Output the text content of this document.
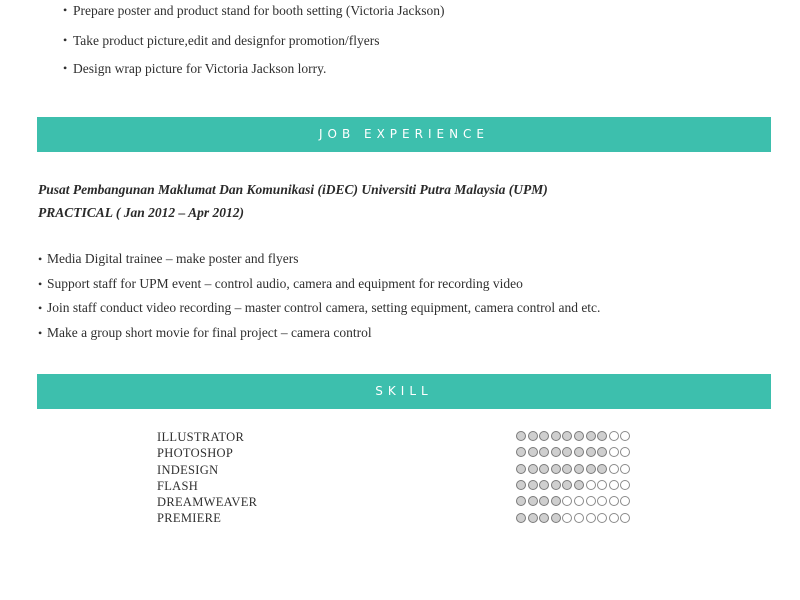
• Prepare poster and product stand for booth setting (Victoria Jackson)
• Take product picture,edit and designfor promotion/flyers
• Design wrap picture for Victoria Jackson lorry.
JOB EXPERIENCE
Pusat Pembangunan Maklumat Dan Komunikasi (iDEC) Universiti Putra Malaysia (UPM)
PRACTICAL ( Jan 2012 – Apr 2012)
• Media Digital trainee – make poster and flyers
• Support staff for UPM event – control audio, camera and equipment for recording video
• Join staff conduct video recording – master control camera, setting equipment, camera control and etc.
• Make a group short movie for final project – camera control
SKILL
ILLUSTRATOR
PHOTOSHOP
INDESIGN
FLASH
DREAMWEAVER
PREMIERE
